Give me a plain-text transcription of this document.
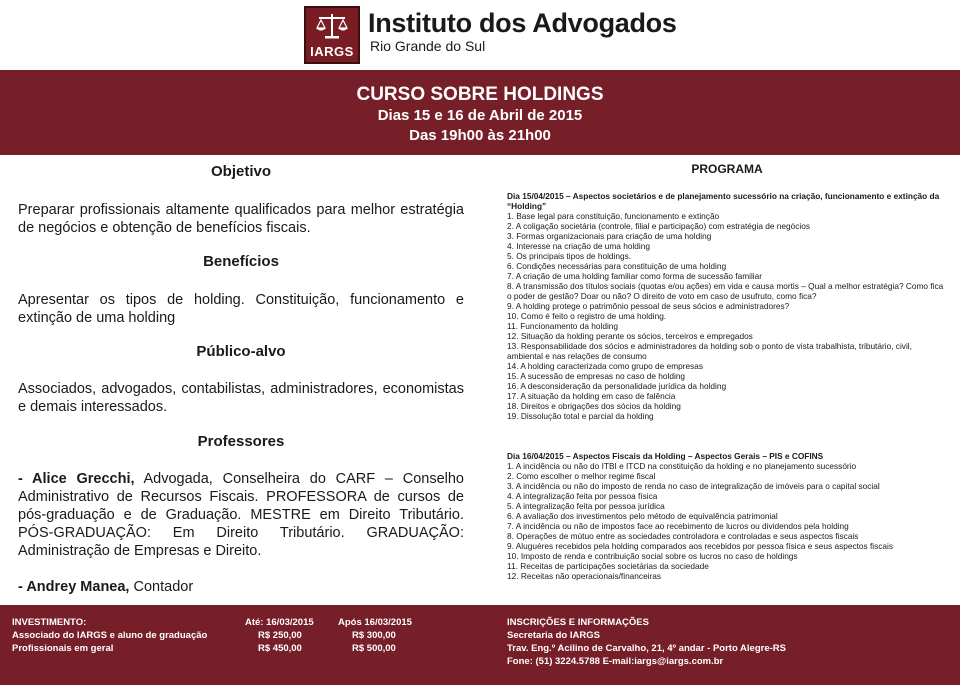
IARGS
Instituto dos Advogados
Rio Grande do Sul
CURSO SOBRE HOLDINGS
Dias 15 e 16 de Abril de 2015
Das 19h00 às 21h00
Objetivo
Preparar profissionais altamente qualificados para melhor estratégia de negócios e obtenção de benefícios fiscais.
Benefícios
Apresentar os tipos de holding. Constituição, funcionamento e extinção de uma holding
Público-alvo
Associados, advogados, contabilistas, administradores, economistas e demais interessados.
Professores
- Alice Grecchi, Advogada, Conselheira do CARF – Conselho Administrativo de Recursos Fiscais. PROFESSORA de cursos de pós-graduação e de Graduação. MESTRE em Direito Tributário. PÓS-GRADUAÇÃO: Em Direito Tributário. GRADUAÇÃO: Administração de Empresas e Direito.
- Andrey Manea, Contador
PROGRAMA
Dia 15/04/2015 – Aspectos societários e de planejamento sucessório na criação, funcionamento e extinção da “Holding”
1. Base legal para constituição, funcionamento e extinção
2. A coligação societária (controle, filial e participação) com estratégia de negócios
3. Formas organizacionais para criação de uma holding
4. Interesse na criação de uma holding
5. Os principais tipos de holdings.
6. Condições necessárias para constituição de uma holding
7. A criação de uma holding familiar como forma de sucessão familiar
8. A transmissão dos títulos sociais (quotas e/ou ações) em vida e causa mortis – Qual a melhor estratégia? Como fica o poder de gestão? Doar ou não? O direito de voto em caso de usufruto, como fica?
9. A holding protege o patrimônio pessoal de seus sócios e administradores?
10. Como é feito o registro de uma holding.
11. Funcionamento da holding
12. Situação da holding perante os sócios, terceiros e empregados
13. Responsabilidade dos sócios e administradores da holding sob o ponto de vista trabalhista, tributário, civil, ambiental e nas relações de consumo
14. A holding caracterizada como grupo de empresas
15. A sucessão de empresas no caso de holding
16. A desconsideração da personalidade jurídica da holding
17. A situação da holding em caso de falência
18. Direitos e obrigações dos sócios da holding
19. Dissolução total e parcial da holding
Dia 16/04/2015 – Aspectos Fiscais da Holding – Aspectos Gerais – PIS e COFINS
1. A incidência ou não do ITBI e ITCD na constituição da holding e no planejamento sucessório
2. Como escolher o melhor regime fiscal
3. A incidência ou não do imposto de renda no caso de integralização de imóveis para o capital social
4. A integralização feita por pessoa física
5. A integralização feita por pessoa jurídica
6. A avaliação dos investimentos pelo método de equivalência patrimonial
7. A incidência ou não de impostos face ao recebimento de lucros ou dividendos pela holding
8. Operações de mútuo entre as sociedades controladora e controladas e seus aspectos fiscais
9. Aluguéres recebidos pela holding comparados aos recebidos por pessoa física e seus aspectos fiscais
10. Imposto de renda e contribuição social sobre os lucros no caso de holdings
11. Receitas de participações societárias da sociedade
12. Receitas não operacionais/financeiras
INVESTIMENTO:	Até: 16/03/2015	Após 16/03/2015
Associado do IARGS e aluno de graduação	R$ 250,00	R$ 300,00
Profissionais em geral	R$ 450,00	R$ 500,00
INSCRIÇÕES E INFORMAÇÕES
Secretaria do IARGS
Trav. Eng.º Acilino de Carvalho, 21, 4º andar - Porto Alegre-RS
Fone: (51) 3224.5788 E-mail:iargs@iargs.com.br
